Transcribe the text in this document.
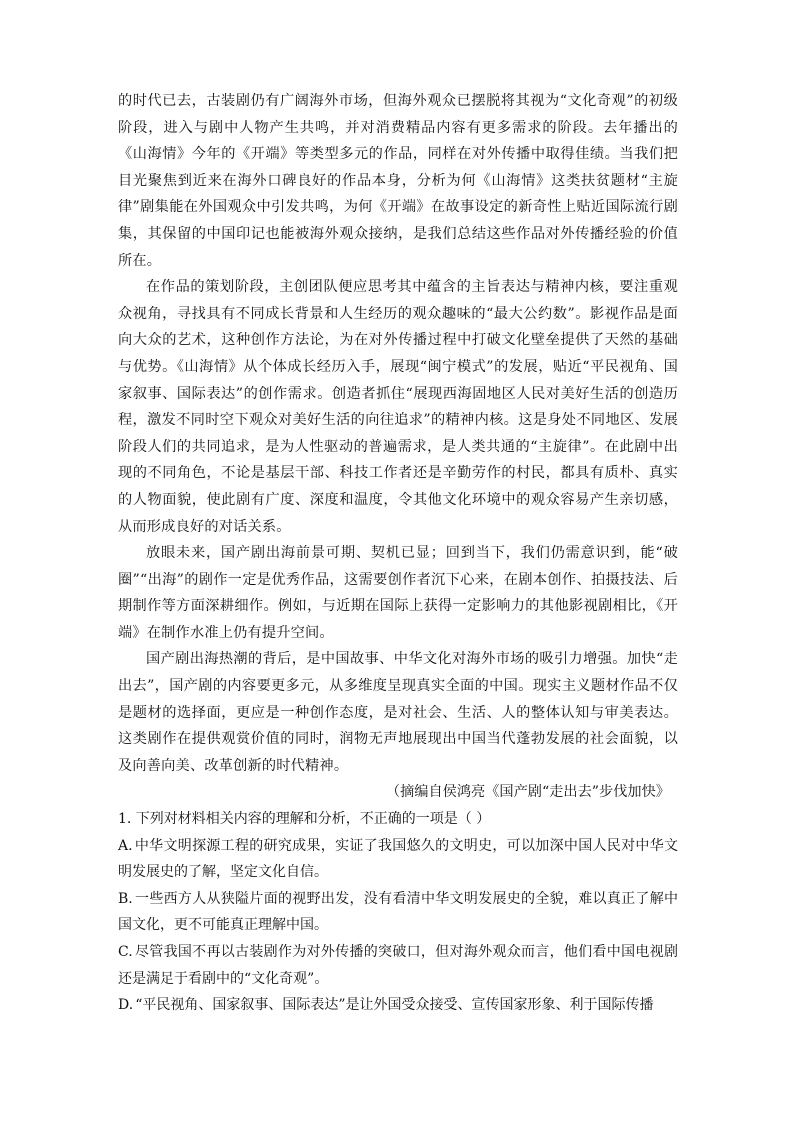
的时代已去，古装剧仍有广阔海外市场，但海外观众已摆脱将其视为“文化奇观”的初级阶段，进入与剧中人物产生共鸣，并对消费精品内容有更多需求的阶段。去年播出的《山海情》今年的《开端》等类型多元的作品，同样在对外传播中取得佳绩。当我们把目光聚焦到近来在海外口碑良好的作品本身，分析为何《山海情》这类扶贫题材“主旋律”剧集能在外国观众中引发共鸣，为何《开端》在故事设定的新奇性上贴近国际流行剧集，其保留的中国印记也能被海外观众接纳，是我们总结这些作品对外传播经验的价值所在。

在作品的策划阶段，主创团队便应思考其中蕴含的主旨表达与精神内核，要注重观众视角，寻找具有不同成长背景和人生经历的观众趣味的“最大公约数”。影视作品是面向大众的艺术，这种创作方法论，为在对外传播过程中打破文化壁垒提供了天然的基础与优势。《山海情》从个体成长经历入手，展现“闽宁模式”的发展，贴近“平民视角、国家叙事、国际表达”的创作需求。创造者抓住“展现西海固地区人民对美好生活的创造历程，激发不同时空下观众对美好生活的向往追求”的精神内核。这是身处不同地区、发展阶段人们的共同追求，是为人性驱动的普遍需求，是人类共通的“主旋律”。在此剧中出现的不同角色，不论是基层干部、科技工作者还是辛勤劳作的村民，都具有质朴、真实的人物面貌，使此剧有广度、深度和温度，令其他文化环境中的观众容易产生亲切感，从而形成良好的对话关系。

放眼未来，国产剧出海前景可期、契机已显；回到当下，我们仍需意识到，能“破圈”“出海”的剧作一定是优秀作品，这需要创作者沉下心来，在剧本创作、拍摄技法、后期制作等方面深耕细作。例如，与近期在国际上获得一定影响力的其他影视剧相比，《开端》在制作水准上仍有提升空间。

国产剧出海热潮的背后，是中国故事、中华文化对海外市场的吸引力增强。加快“走出去”，国产剧的内容要更多元，从多维度呈现真实全面的中国。现实主义题材作品不仅是题材的选择面，更应是一种创作态度，是对社会、生活、人的整体认知与审美表达。这类剧作在提供观赏价值的同时，润物无声地展现出中国当代蓬勃发展的社会面貌，以及向善向美、改革创新的时代精神。

（摘编自侯鸿亮《国产剧“走出去”步伐加快》

1. 下列对材料相关内容的理解和分析，不正确的一项是（ ）

A. 中华文明探源工程的研究成果，实证了我国悠久的文明史，可以加深中国人民对中华文明发展史的了解，坚定文化自信。

B. 一些西方人从狭隘片面的视野出发，没有看清中华文明发展史的全貌，难以真正了解中国文化，更不可能真正理解中国。

C. 尽管我国不再以古装剧作为对外传播的突破口，但对海外观众而言，他们看中国电视剧还是满足于看剧中的“文化奇观”。

D. “平民视角、国家叙事、国际表达”是让外国受众接受、宣传国家形象、利于国际传播
